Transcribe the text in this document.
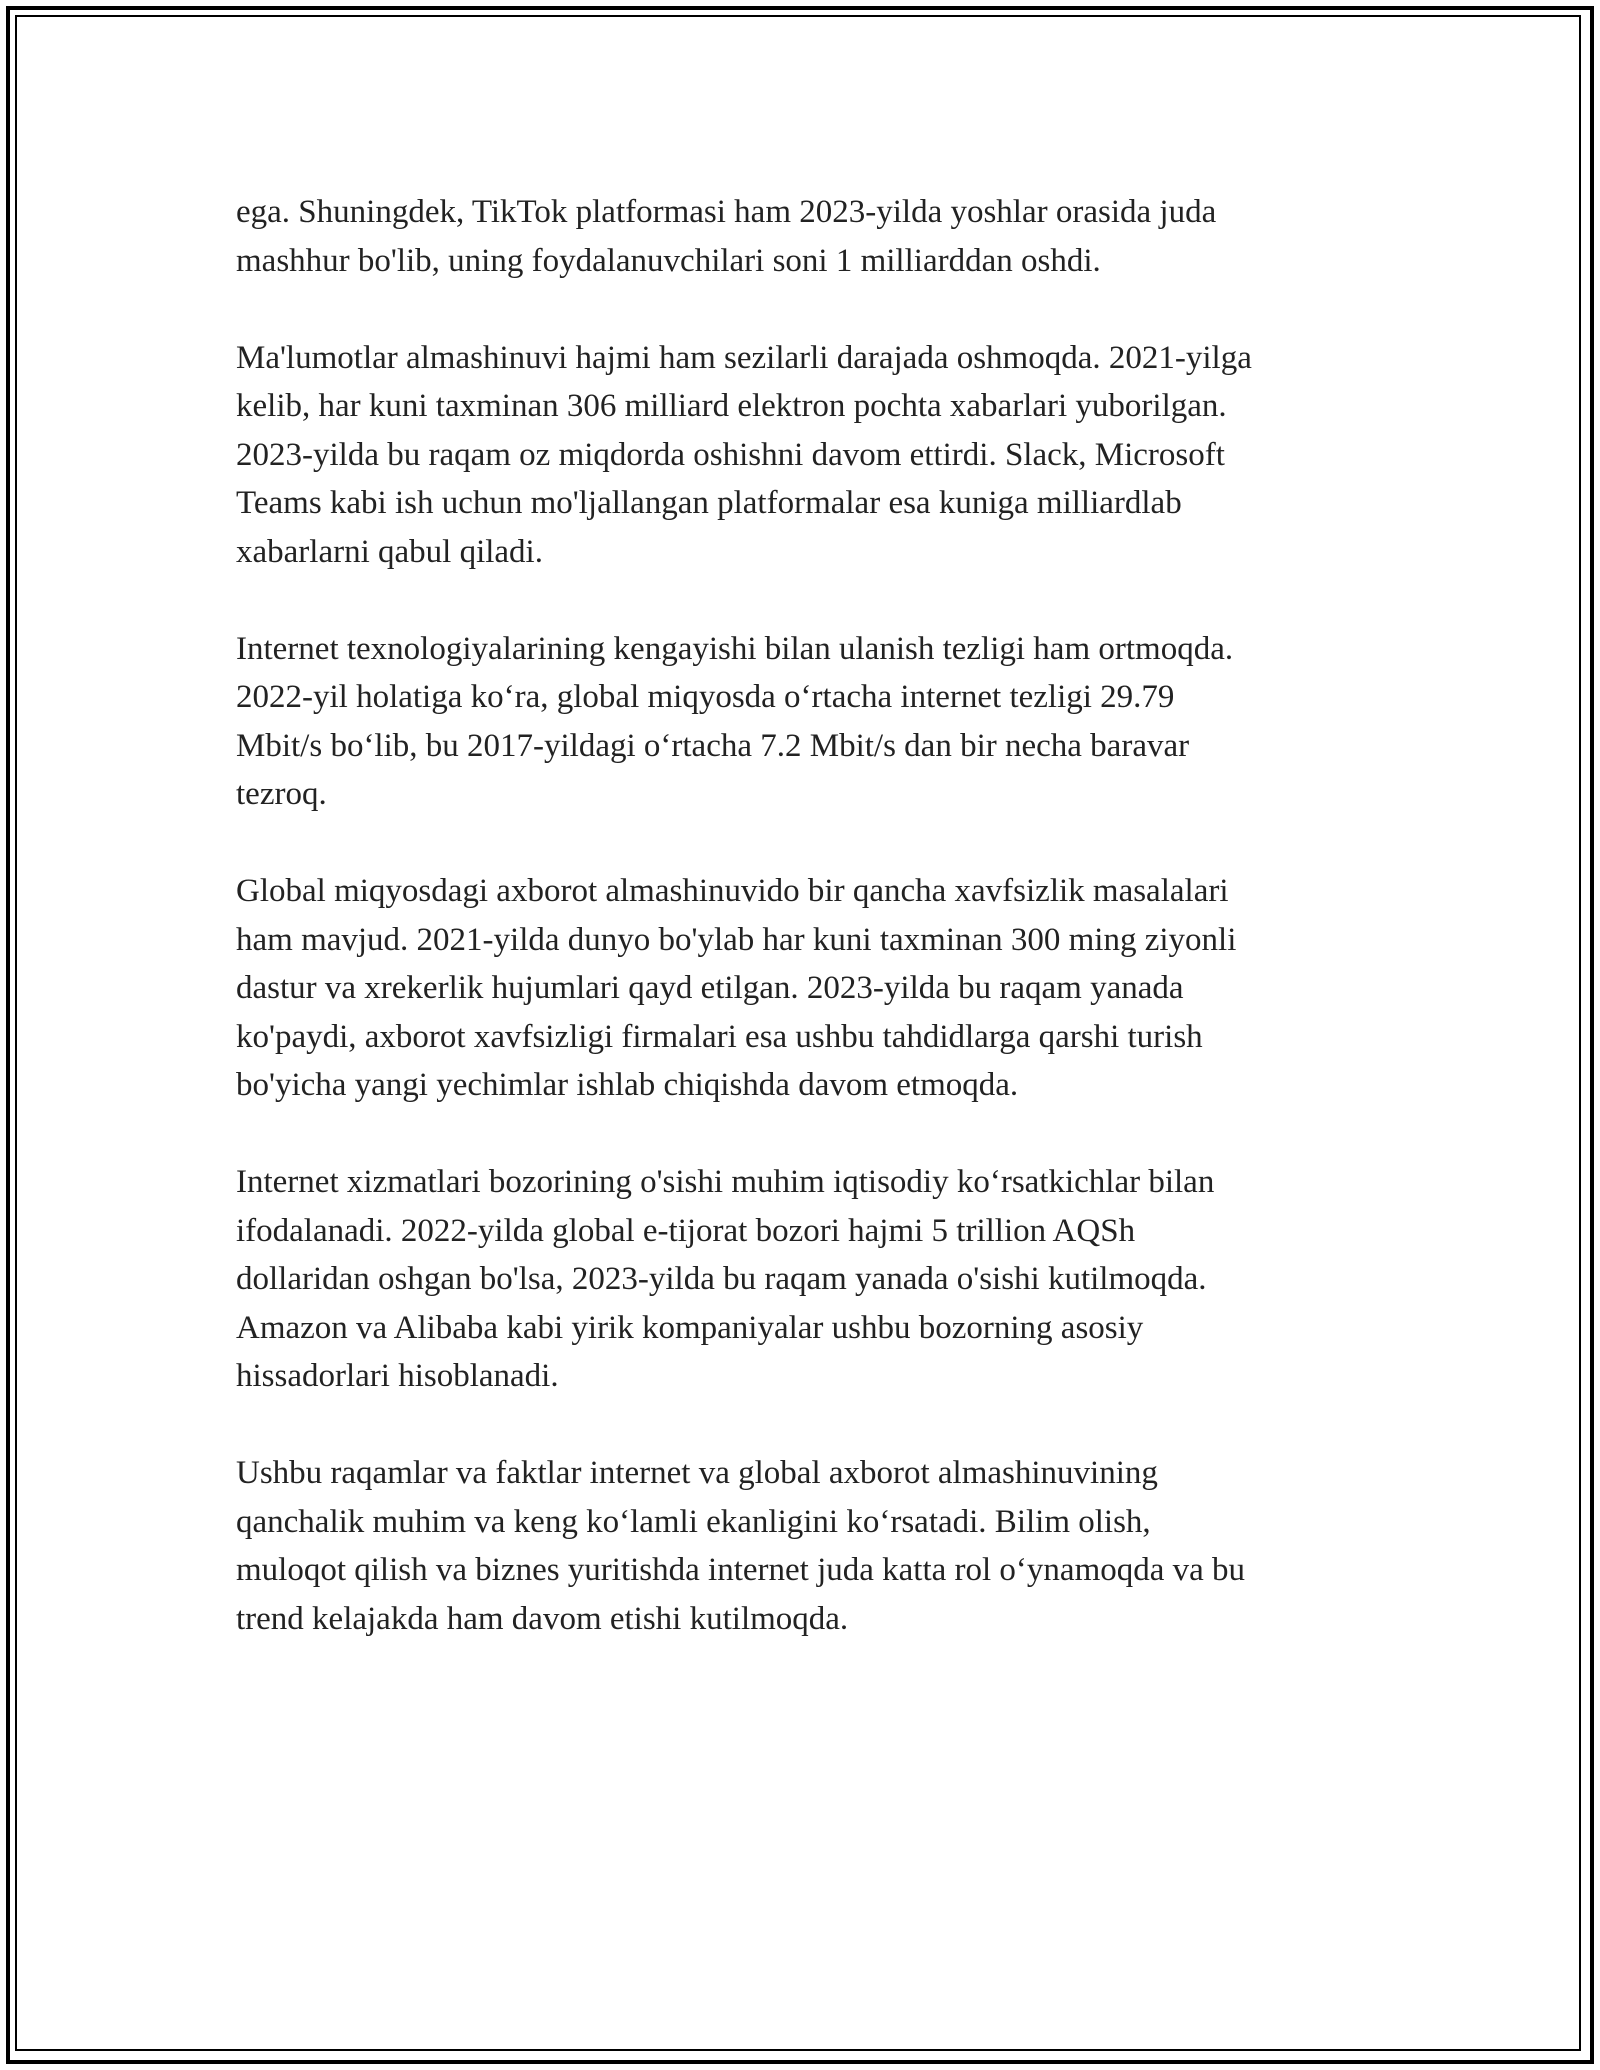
ega. Shuningdek, TikTok platformasi ham 2023-yilda yoshlar orasida juda
mashhur bo'lib, uning foydalanuvchilari soni 1 milliarddan oshdi.

Ma'lumotlar almashinuvi hajmi ham sezilarli darajada oshmoqda. 2021-yilga
kelib, har kuni taxminan 306 milliard elektron pochta xabarlari yuborilgan.
2023-yilda bu raqam oz miqdorda oshishni davom ettirdi. Slack, Microsoft
Teams kabi ish uchun mo'ljallangan platformalar esa kuniga milliardlab
xabarlarni qabul qiladi.

Internet texnologiyalarining kengayishi bilan ulanish tezligi ham ortmoqda.
2022-yil holatiga koʻra, global miqyosda oʻrtacha internet tezligi 29.79
Mbit/s boʻlib, bu 2017-yildagi oʻrtacha 7.2 Mbit/s dan bir necha baravar
tezroq.

Global miqyosdagi axborot almashinuvido bir qancha xavfsizlik masalalari
ham mavjud. 2021-yilda dunyo bo'ylab har kuni taxminan 300 ming ziyonli
dastur va xrekerlik hujumlari qayd etilgan. 2023-yilda bu raqam yanada
ko'paydi, axborot xavfsizligi firmalari esa ushbu tahdidlarga qarshi turish
bo'yicha yangi yechimlar ishlab chiqishda davom etmoqda.

Internet xizmatlari bozorining o'sishi muhim iqtisodiy koʻrsatkichlar bilan
ifodalanadi. 2022-yilda global e-tijorat bozori hajmi 5 trillion AQSh
dollaridan oshgan bo'lsa, 2023-yilda bu raqam yanada o'sishi kutilmoqda.
Amazon va Alibaba kabi yirik kompaniyalar ushbu bozorning asosiy
hissadorlari hisoblanadi.

Ushbu raqamlar va faktlar internet va global axborot almashinuvining
qanchalik muhim va keng koʻlamli ekanligini koʻrsatadi. Bilim olish,
muloqot qilish va biznes yuritishda internet juda katta rol oʻynamoqda va bu
trend kelajakda ham davom etishi kutilmoqda.
